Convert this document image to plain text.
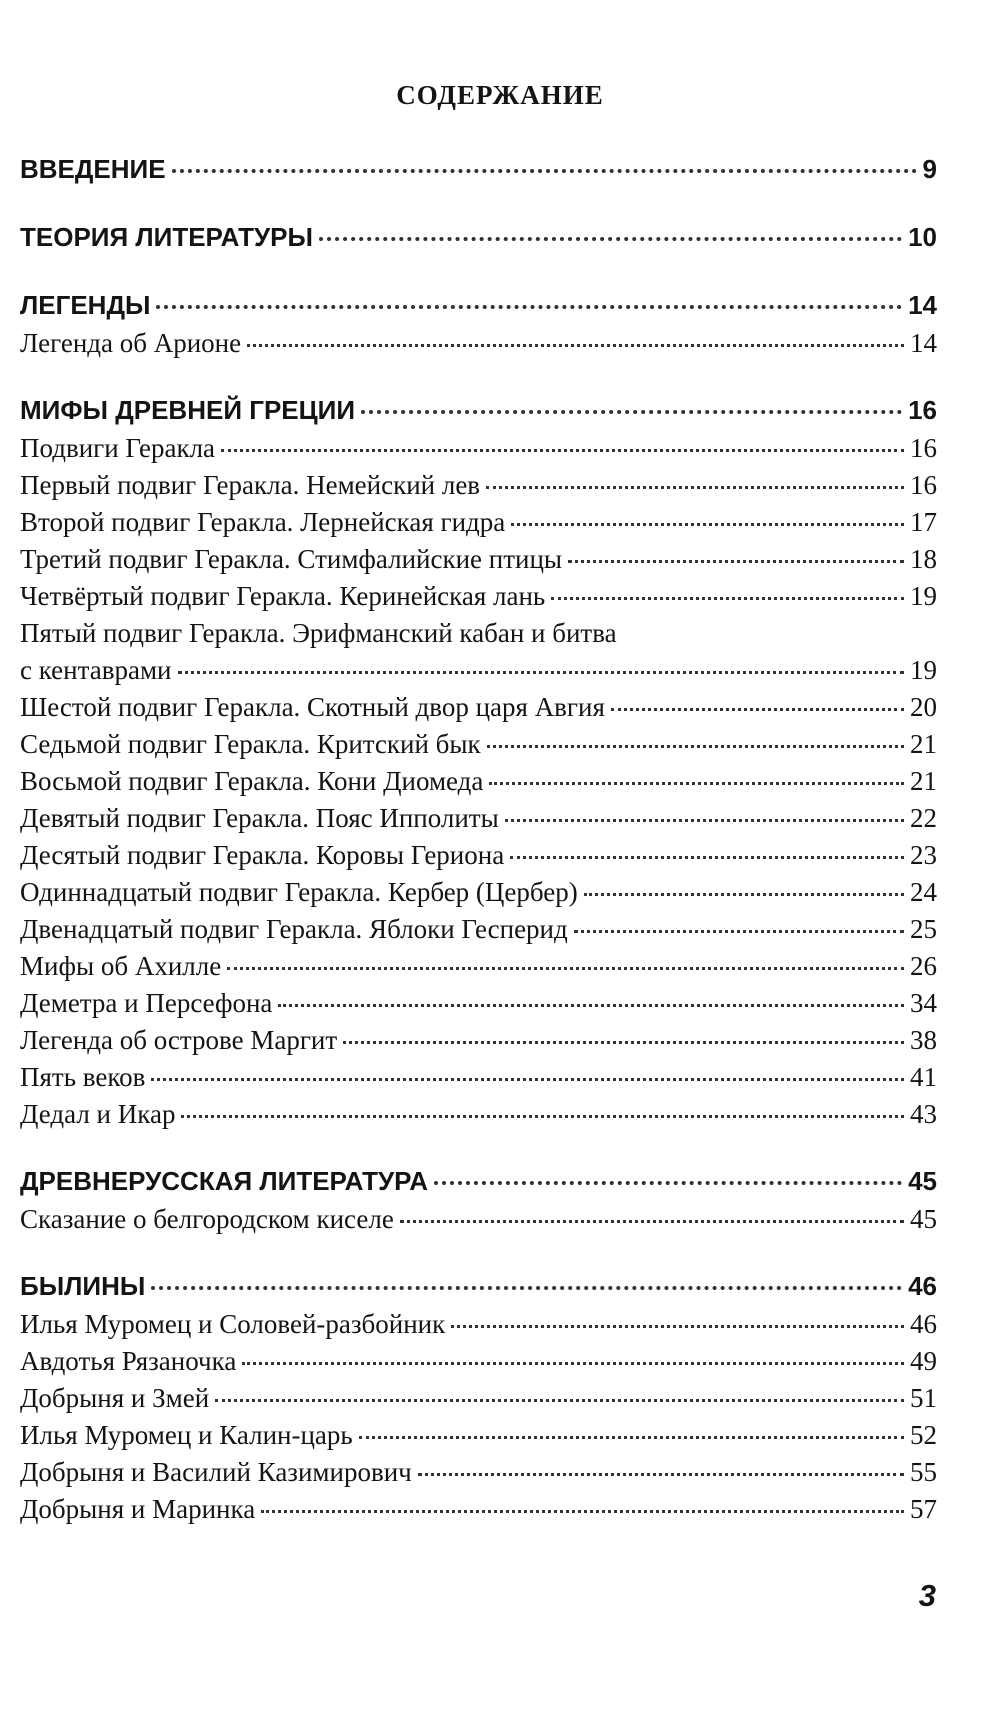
СОДЕРЖАНИЕ
ВВЕДЕНИЕ	9
ТЕОРИЯ ЛИТЕРАТУРЫ	10
ЛЕГЕНДЫ	14
Легенда об Арионе	14
МИФЫ ДРЕВНЕЙ ГРЕЦИИ	16
Подвиги Геракла	16
Первый подвиг Геракла. Немейский лев	16
Второй подвиг Геракла. Лернейская гидра	17
Третий подвиг Геракла. Стимфалийские птицы	18
Четвёртый подвиг Геракла. Керинейская лань	19
Пятый подвиг Геракла. Эрифманский кабан и битва
с кентаврами	19
Шестой подвиг Геракла. Скотный двор царя Авгия	20
Седьмой подвиг Геракла. Критский бык	21
Восьмой подвиг Геракла. Кони Диомеда	21
Девятый подвиг Геракла. Пояс Ипполиты	22
Десятый подвиг Геракла. Коровы Гериона	23
Одиннадцатый подвиг Геракла. Кербер (Цербер)	24
Двенадцатый подвиг Геракла. Яблоки Гесперид	25
Мифы об Ахилле	26
Деметра и Персефона	34
Легенда об острове Маргит	38
Пять веков	41
Дедал и Икар	43
ДРЕВНЕРУССКАЯ ЛИТЕРАТУРА	45
Сказание о белгородском киселе	45
БЫЛИНЫ	46
Илья Муромец и Соловей-разбойник	46
Авдотья Рязаночка	49
Добрыня и Змей	51
Илья Муромец и Калин-царь	52
Добрыня и Василий Казимирович	55
Добрыня и Маринка	57
3
